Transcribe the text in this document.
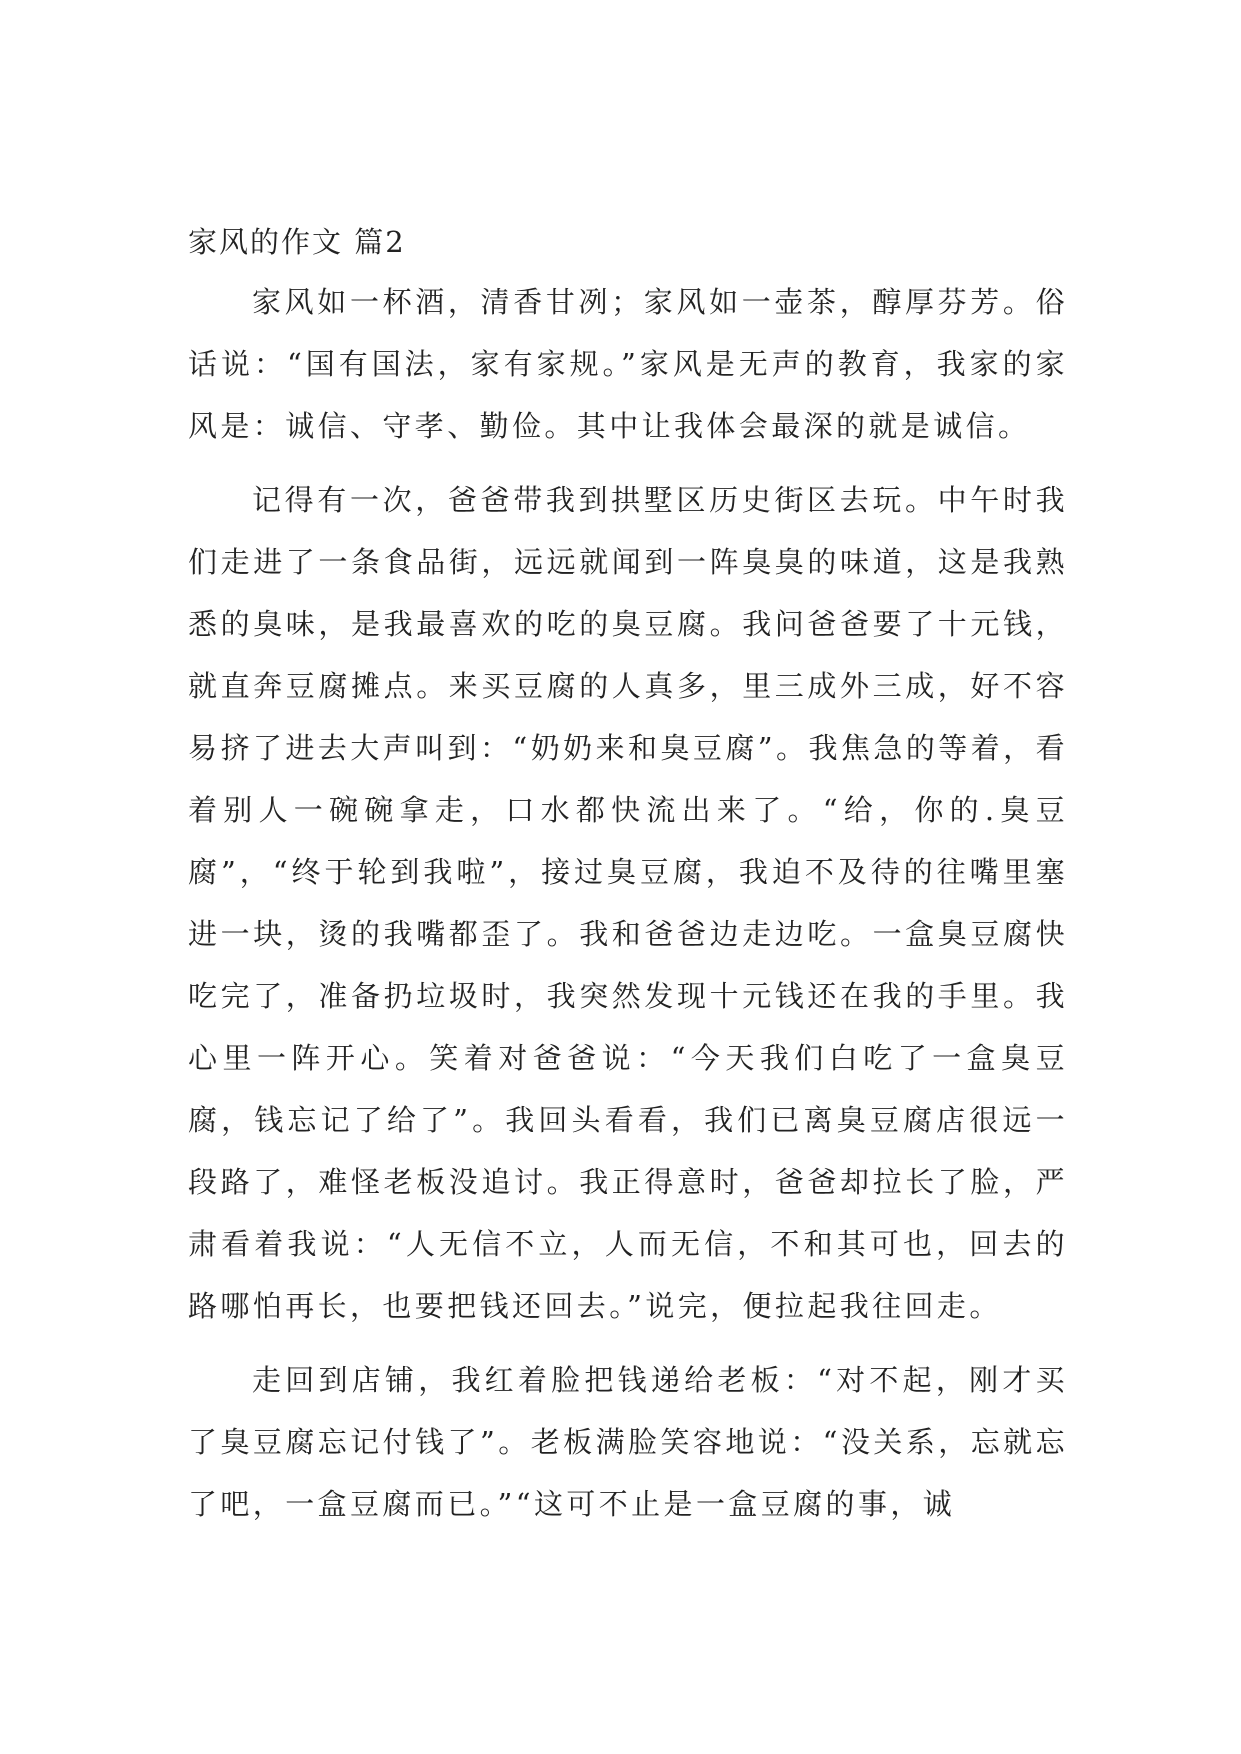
家风的作文 篇2

家风如一杯酒，清香甘冽；家风如一壶茶，醇厚芬芳。俗话说：“国有国法，家有家规。”家风是无声的教育，我家的家风是：诚信、守孝、勤俭。其中让我体会最深的就是诚信。

记得有一次，爸爸带我到拱墅区历史街区去玩。中午时我们走进了一条食品街，远远就闻到一阵臭臭的味道，这是我熟悉的臭味，是我最喜欢的吃的臭豆腐。我问爸爸要了十元钱，就直奔豆腐摊点。来买豆腐的人真多，里三成外三成，好不容易挤了进去大声叫到：“奶奶来和臭豆腐”。我焦急的等着，看着别人一碗碗拿走，口水都快流出来了。“给，你的.臭豆腐”，“终于轮到我啦”，接过臭豆腐，我迫不及待的往嘴里塞进一块，烫的我嘴都歪了。我和爸爸边走边吃。一盒臭豆腐快吃完了，准备扔垃圾时，我突然发现十元钱还在我的手里。我心里一阵开心。笑着对爸爸说：“今天我们白吃了一盒臭豆腐，钱忘记了给了”。我回头看看，我们已离臭豆腐店很远一段路了，难怪老板没追讨。我正得意时，爸爸却拉长了脸，严肃看着我说：“人无信不立，人而无信，不和其可也，回去的路哪怕再长，也要把钱还回去。”说完，便拉起我往回走。

走回到店铺，我红着脸把钱递给老板：“对不起，刚才买了臭豆腐忘记付钱了”。老板满脸笑容地说：“没关系，忘就忘了吧，一盒豆腐而已。”“这可不止是一盒豆腐的事，诚
